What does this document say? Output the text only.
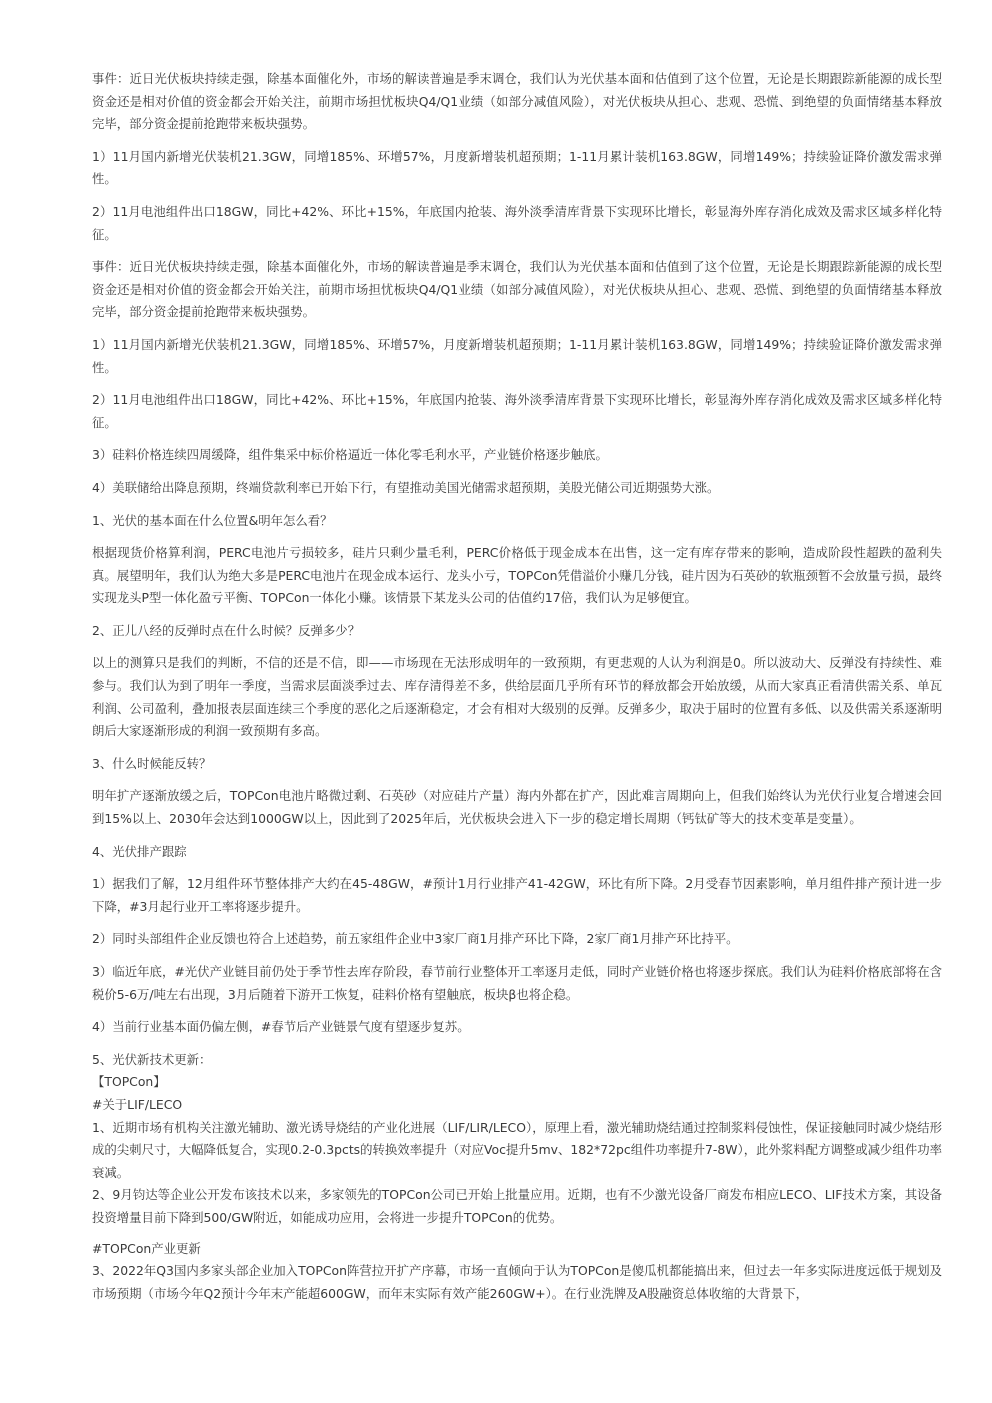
事件：近日光伏板块持续走强，除基本面催化外，市场的解读普遍是季末调仓，我们认为光伏基本面和估值到了这个位置，无论是长期跟踪新能源的成长型资金还是相对价值的资金都会开始关注，前期市场担忧板块Q4/Q1业绩（如部分减值风险），对光伏板块从担心、悲观、恐慌、到绝望的负面情绪基本释放完毕，部分资金提前抢跑带来板块强势。

1）11月国内新增光伏装机21.3GW，同增185%、环增57%，月度新增装机超预期；1-11月累计装机163.8GW，同增149%；持续验证降价激发需求弹性。

2）11月电池组件出口18GW，同比+42%、环比+15%，年底国内抢装、海外淡季清库背景下实现环比增长，彰显海外库存消化成效及需求区域多样化特征。

事件：近日光伏板块持续走强，除基本面催化外，市场的解读普遍是季末调仓，我们认为光伏基本面和估值到了这个位置，无论是长期跟踪新能源的成长型资金还是相对价值的资金都会开始关注，前期市场担忧板块Q4/Q1业绩（如部分减值风险），对光伏板块从担心、悲观、恐慌、到绝望的负面情绪基本释放完毕，部分资金提前抢跑带来板块强势。

1）11月国内新增光伏装机21.3GW，同增185%、环增57%，月度新增装机超预期；1-11月累计装机163.8GW，同增149%；持续验证降价激发需求弹性。

2）11月电池组件出口18GW，同比+42%、环比+15%，年底国内抢装、海外淡季清库背景下实现环比增长，彰显海外库存消化成效及需求区域多样化特征。

3）硅料价格连续四周缓降，组件集采中标价格逼近一体化零毛利水平，产业链价格逐步触底。

4）美联储给出降息预期，终端贷款利率已开始下行，有望推动美国光储需求超预期，美股光储公司近期强势大涨。

1、光伏的基本面在什么位置&明年怎么看？

根据现货价格算利润，PERC电池片亏损较多，硅片只剩少量毛利，PERC价格低于现金成本在出售，这一定有库存带来的影响，造成阶段性超跌的盈利失真。展望明年，我们认为绝大多是PERC电池片在现金成本运行、龙头小亏，TOPCon凭借溢价小赚几分钱，硅片因为石英砂的软瓶颈暂不会放量亏损，最终实现龙头P型一体化盈亏平衡、TOPCon一体化小赚。该情景下某龙头公司的估值约17倍，我们认为足够便宜。

2、正儿八经的反弹时点在什么时候？反弹多少？

以上的测算只是我们的判断，不信的还是不信，即——市场现在无法形成明年的一致预期，有更悲观的人认为利润是0。所以波动大、反弹没有持续性、难参与。我们认为到了明年一季度，当需求层面淡季过去、库存清得差不多，供给层面几乎所有环节的释放都会开始放缓，从而大家真正看清供需关系、单瓦利润、公司盈利，叠加报表层面连续三个季度的恶化之后逐渐稳定，才会有相对大级别的反弹。反弹多少，取决于届时的位置有多低、以及供需关系逐渐明朗后大家逐渐形成的利润一致预期有多高。

3、什么时候能反转？

明年扩产逐渐放缓之后，TOPCon电池片略微过剩、石英砂（对应硅片产量）海内外都在扩产，因此难言周期向上，但我们始终认为光伏行业复合增速会回到15%以上、2030年会达到1000GW以上，因此到了2025年后，光伏板块会进入下一步的稳定增长周期（钙钛矿等大的技术变革是变量）。

4、光伏排产跟踪

1）据我们了解，12月组件环节整体排产大约在45-48GW，#预计1月行业排产41-42GW，环比有所下降。2月受春节因素影响，单月组件排产预计进一步下降，#3月起行业开工率将逐步提升。

2）同时头部组件企业反馈也符合上述趋势，前五家组件企业中3家厂商1月排产环比下降，2家厂商1月排产环比持平。

3）临近年底，#光伏产业链目前仍处于季节性去库存阶段，春节前行业整体开工率逐月走低，同时产业链价格也将逐步探底。我们认为硅料价格底部将在含税价5-6万/吨左右出现，3月后随着下游开工恢复，硅料价格有望触底，板块β也将企稳。

4）当前行业基本面仍偏左侧，#春节后产业链景气度有望逐步复苏。

5、光伏新技术更新：

【TOPCon】

#关于LIF/LECO

1、近期市场有机构关注激光辅助、激光诱导烧结的产业化进展（LIF/LIR/LECO），原理上看，激光辅助烧结通过控制浆料侵蚀性，保证接触同时减少烧结形成的尖刺尺寸，大幅降低复合，实现0.2-0.3pcts的转换效率提升（对应Voc提升5mv、182*72pc组件功率提升7-8W），此外浆料配方调整或减少组件功率衰减。

2、9月钧达等企业公开发布该技术以来，多家领先的TOPCon公司已开始上批量应用。近期，也有不少激光设备厂商发布相应LECO、LIF技术方案，其设备投资增量目前下降到500/GW附近，如能成功应用，会将进一步提升TOPCon的优势。

#TOPCon产业更新

3、2022年Q3国内多家头部企业加入TOPCon阵营拉开扩产序幕，市场一直倾向于认为TOPCon是傻瓜机都能搞出来，但过去一年多实际进度远低于规划及市场预期（市场今年Q2预计今年末产能超600GW，而年末实际有效产能260GW+）。在行业洗牌及A股融资总体收缩的大背景下，
